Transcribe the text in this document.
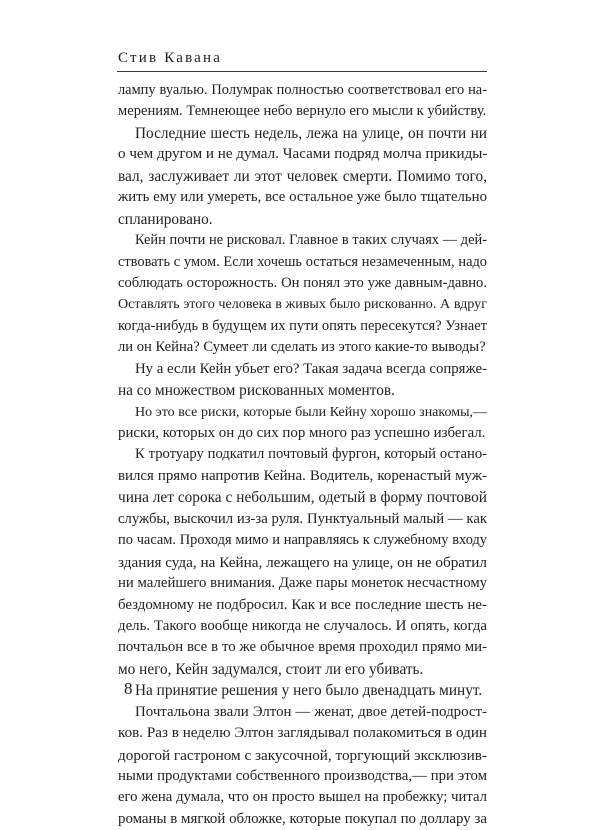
Стив Кавана
лампу вуалью. Полумрак полностью соответствовал его на-
мерениям. Темнеющее небо вернуло его мысли к убийству.
Последние шесть недель, лежа на улице, он почти ни
о чем другом и не думал. Часами подряд молча прикиды-
вал, заслуживает ли этот человек смерти. Помимо того,
жить ему или умереть, все остальное уже было тщательно
спланировано.
Кейн почти не рисковал. Главное в таких случаях — дей-
ствовать с умом. Если хочешь остаться незамеченным, надо
соблюдать осторожность. Он понял это уже давным-давно.
Оставлять этого человека в живых было рискованно. А вдруг
когда-нибудь в будущем их пути опять пересекутся? Узнает
ли он Кейна? Сумеет ли сделать из этого какие-то выводы?
Ну а если Кейн убьет его? Такая задача всегда сопряже-
на со множеством рискованных моментов.
Но это все риски, которые были Кейну хорошо знакомы,—
риски, которых он до сих пор много раз успешно избегал.
К тротуару подкатил почтовый фургон, который остано-
вился прямо напротив Кейна. Водитель, коренастый муж-
чина лет сорока с небольшим, одетый в форму почтовой
службы, выскочил из-за руля. Пунктуальный малый — как
по часам. Проходя мимо и направляясь к служебному входу
здания суда, на Кейна, лежащего на улице, он не обратил
ни малейшего внимания. Даже пары монеток несчастному
бездомному не подбросил. Как и все последние шесть не-
дель. Такого вообще никогда не случалось. И опять, когда
почтальон все в то же обычное время проходил прямо ми-
мо него, Кейн задумался, стоит ли его убивать.
На принятие решения у него было двенадцать минут.
Почтальона звали Элтон — женат, двое детей-подрост-
ков. Раз в неделю Элтон заглядывал полакомиться в один
дорогой гастроном с закусочной, торгующий эксклюзив-
ными продуктами собственного производства,— при этом
его жена думала, что он просто вышел на пробежку; читал
романы в мягкой обложке, которые покупал по доллару за
8
